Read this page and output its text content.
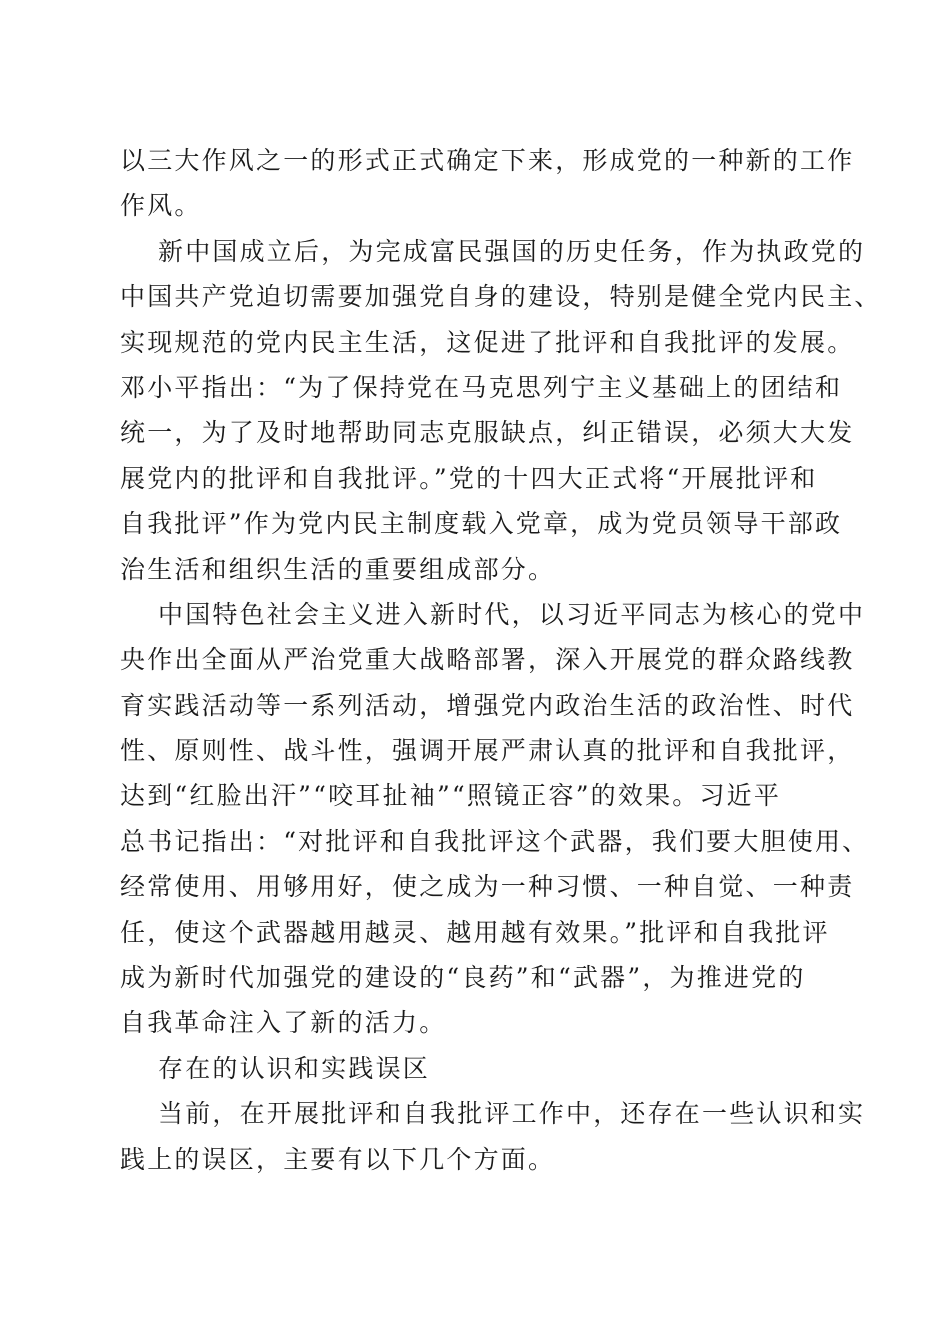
以三大作风之一的形式正式确定下来，形成党的一种新的工作
作风。
新中国成立后，为完成富民强国的历史任务，作为执政党的
中国共产党迫切需要加强党自身的建设，特别是健全党内民主、
实现规范的党内民主生活，这促进了批评和自我批评的发展。
邓小平指出：“为了保持党在马克思列宁主义基础上的团结和
统一，为了及时地帮助同志克服缺点，纠正错误，必须大大发
展党内的批评和自我批评。”党的十四大正式将“开展批评和
自我批评”作为党内民主制度载入党章，成为党员领导干部政
治生活和组织生活的重要组成部分。
中国特色社会主义进入新时代，以习近平同志为核心的党中
央作出全面从严治党重大战略部署，深入开展党的群众路线教
育实践活动等一系列活动，增强党内政治生活的政治性、时代
性、原则性、战斗性，强调开展严肃认真的批评和自我批评，
达到“红脸出汗”“咬耳扯袖”“照镜正容”的效果。习近平
总书记指出：“对批评和自我批评这个武器，我们要大胆使用、
经常使用、用够用好，使之成为一种习惯、一种自觉、一种责
任，使这个武器越用越灵、越用越有效果。”批评和自我批评
成为新时代加强党的建设的“良药”和“武器”，为推进党的
自我革命注入了新的活力。
存在的认识和实践误区
当前，在开展批评和自我批评工作中，还存在一些认识和实
践上的误区，主要有以下几个方面。
